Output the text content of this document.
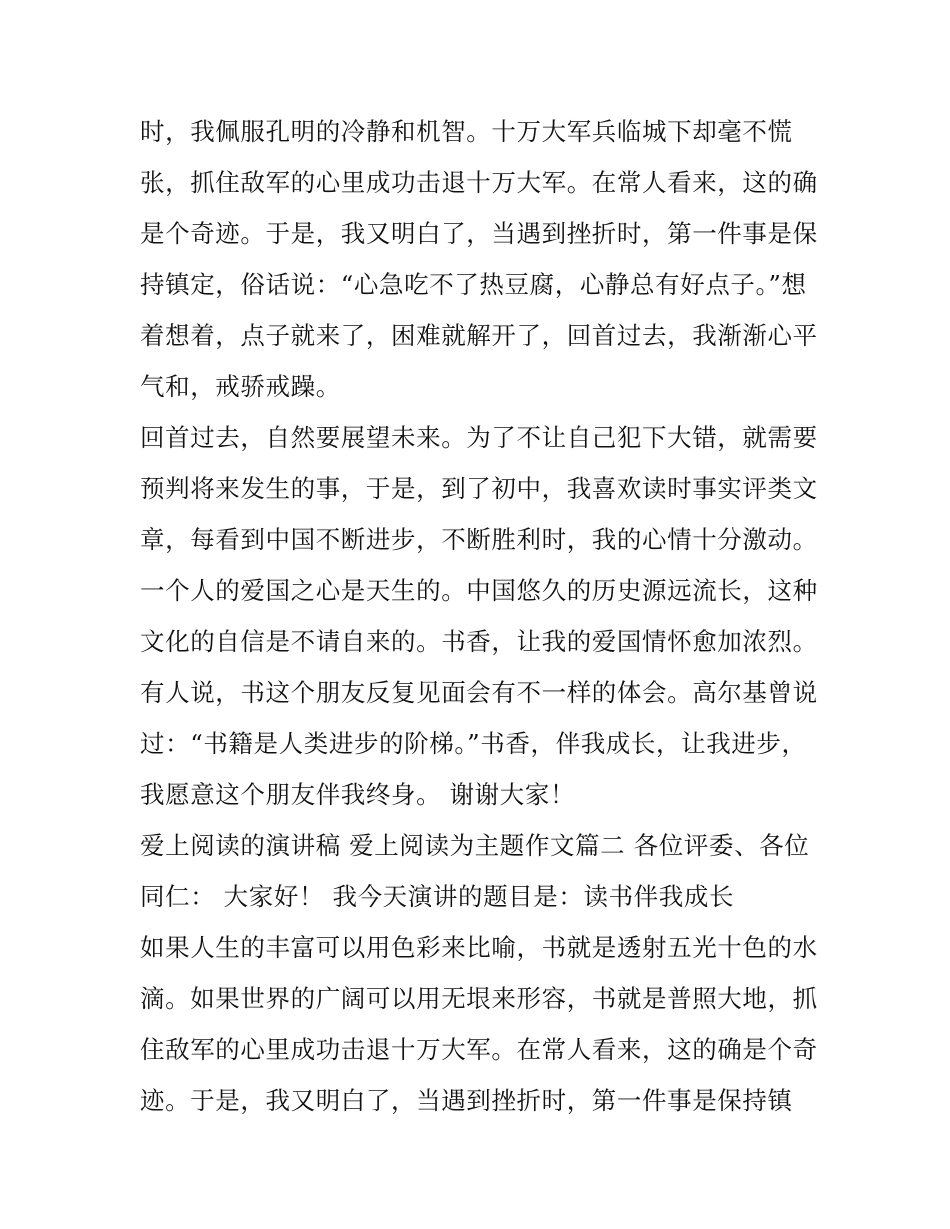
时，我佩服孔明的冷静和机智。十万大军兵临城下却毫不慌
张，抓住敌军的心里成功击退十万大军。在常人看来，这的确
是个奇迹。于是，我又明白了，当遇到挫折时，第一件事是保
持镇定，俗话说：“心急吃不了热豆腐，心静总有好点子。”想
着想着，点子就来了，困难就解开了，回首过去，我渐渐心平
气和，戒骄戒躁。
回首过去，自然要展望未来。为了不让自己犯下大错，就需要
预判将来发生的事，于是，到了初中，我喜欢读时事实评类文
章，每看到中国不断进步，不断胜利时，我的心情十分激动。
一个人的爱国之心是天生的。中国悠久的历史源远流长，这种
文化的自信是不请自来的。书香，让我的爱国情怀愈加浓烈。
有人说，书这个朋友反复见面会有不一样的体会。高尔基曾说
过：“书籍是人类进步的阶梯。”书香，伴我成长，让我进步，
我愿意这个朋友伴我终身。 谢谢大家！
爱上阅读的演讲稿 爱上阅读为主题作文篇二 各位评委、各位
同仁： 大家好！ 我今天演讲的题目是：读书伴我成长
如果人生的丰富可以用色彩来比喻，书就是透射五光十色的水
滴。如果世界的广阔可以用无垠来形容，书就是普照大地，抓
住敌军的心里成功击退十万大军。在常人看来，这的确是个奇
迹。于是，我又明白了，当遇到挫折时，第一件事是保持镇
